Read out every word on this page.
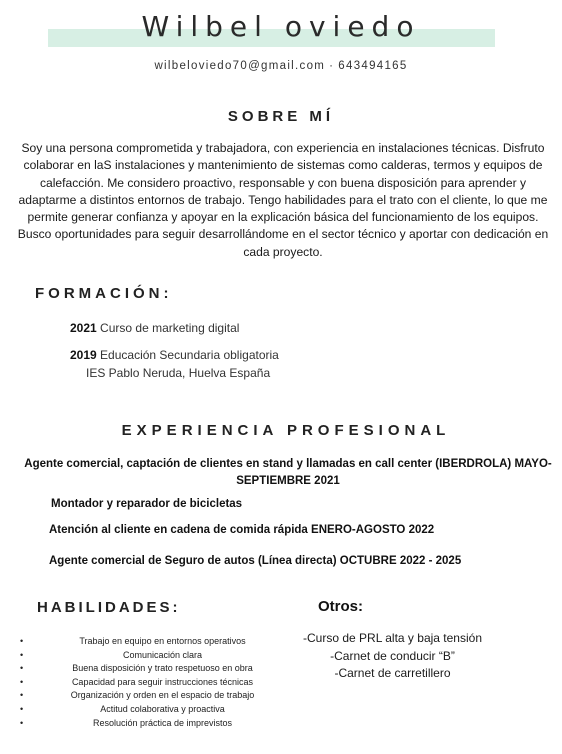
Wilbel oviedo
wilbeloviedo70@gmail.com · 643494165
SOBRE MÍ
Soy una persona comprometida y trabajadora, con experiencia en instalaciones técnicas. Disfruto colaborar en laS instalaciones y mantenimiento de sistemas como calderas, termos y equipos de calefacción. Me considero proactivo, responsable y con buena disposición para aprender y adaptarme a distintos entornos de trabajo. Tengo habilidades para el trato con el cliente, lo que me permite generar confianza y apoyar en la explicación básica del funcionamiento de los equipos. Busco oportunidades para seguir desarrollándome en el sector técnico y aportar con dedicación en cada proyecto.
FORMACIÓN:
2021 Curso de marketing digital
2019 Educación Secundaria obligatoria
IES Pablo Neruda, Huelva España
EXPERIENCIA PROFESIONAL
Agente comercial, captación de clientes en stand y llamadas en call center (IBERDROLA) MAYO-SEPTIEMBRE 2021
Montador y reparador de bicicletas
Atención al cliente en cadena de comida rápida ENERO-AGOSTO 2022
Agente comercial de Seguro de autos (Línea directa) OCTUBRE 2022 - 2025
HABILIDADES:
• Trabajo en equipo en entornos operativos
• Comunicación clara
• Buena disposición y trato respetuoso en obra
• Capacidad para seguir instrucciones técnicas
• Organización y orden en el espacio de trabajo
• Actitud colaborativa y proactiva
• Resolución práctica de imprevistos
Otros:
-Curso de PRL alta y baja tensión
-Carnet de conducir “B”
-Carnet de carretillero
